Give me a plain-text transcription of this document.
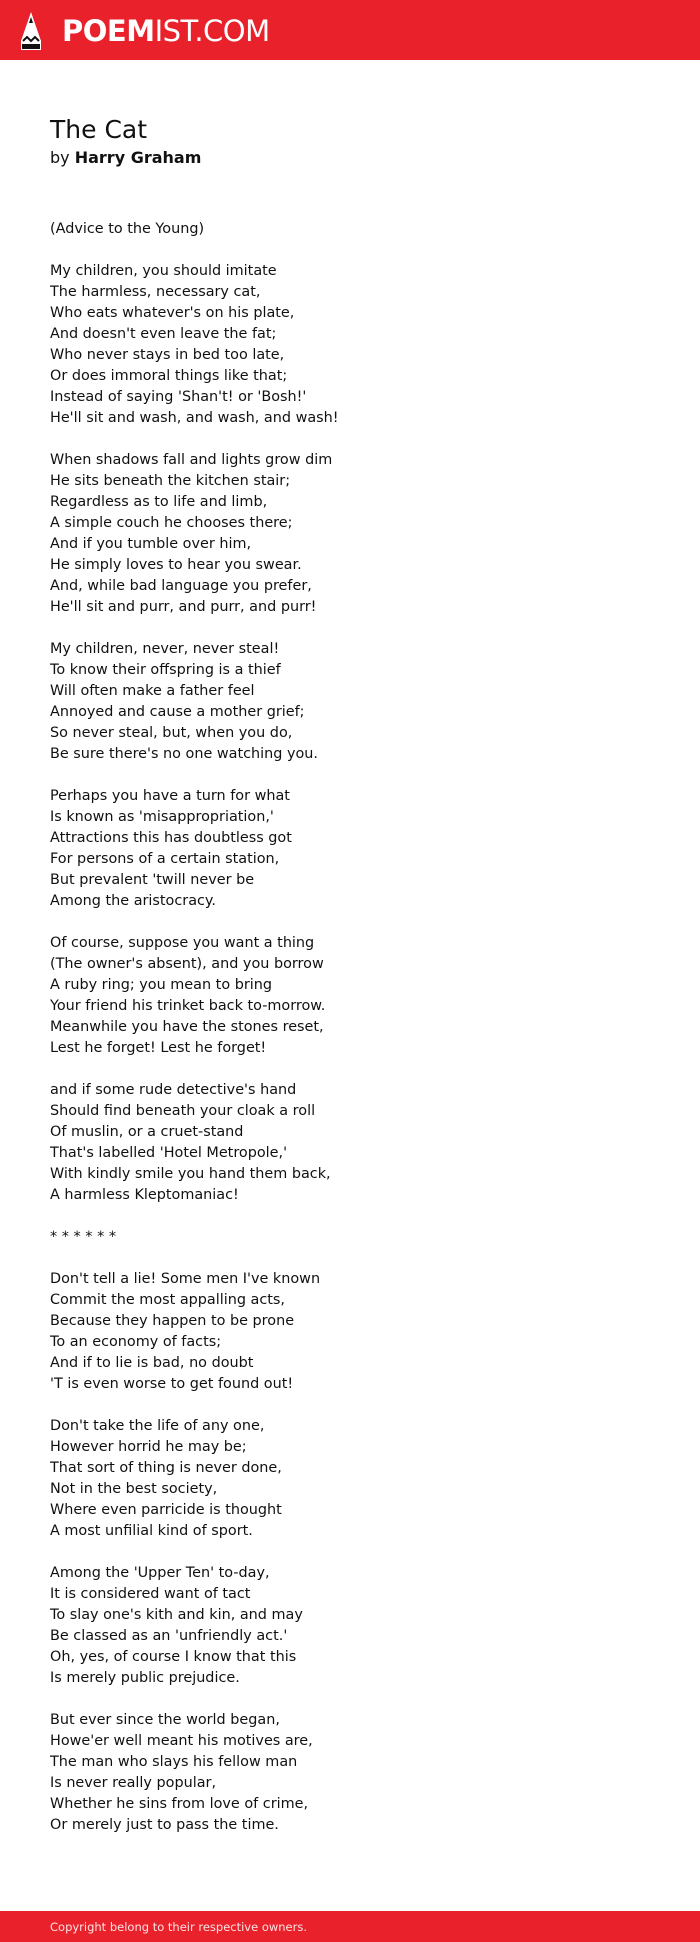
POEMIST.COM
The Cat
by Harry Graham
(Advice to the Young)
My children, you should imitate
The harmless, necessary cat,
Who eats whatever's on his plate,
And doesn't even leave the fat;
Who never stays in bed too late,
Or does immoral things like that;
Instead of saying 'Shan't! or 'Bosh!'
He'll sit and wash, and wash, and wash!
When shadows fall and lights grow dim
He sits beneath the kitchen stair;
Regardless as to life and limb,
A simple couch he chooses there;
And if you tumble over him,
He simply loves to hear you swear.
And, while bad language you prefer,
He'll sit and purr, and purr, and purr!
My children, never, never steal!
To know their offspring is a thief
Will often make a father feel
Annoyed and cause a mother grief;
So never steal, but, when you do,
Be sure there's no one watching you.
Perhaps you have a turn for what
Is known as 'misappropriation,'
Attractions this has doubtless got
For persons of a certain station,
But prevalent 'twill never be
Among the aristocracy.
Of course, suppose you want a thing
(The owner's absent), and you borrow
A ruby ring; you mean to bring
Your friend his trinket back to-morrow.
Meanwhile you have the stones reset,
Lest he forget! Lest he forget!
and if some rude detective's hand
Should find beneath your cloak a roll
Of muslin, or a cruet-stand
That's labelled 'Hotel Metropole,'
With kindly smile you hand them back,
A harmless Kleptomaniac!
* * * * * *
Don't tell a lie! Some men I've known
Commit the most appalling acts,
Because they happen to be prone
To an economy of facts;
And if to lie is bad, no doubt
'T is even worse to get found out!
Don't take the life of any one,
However horrid he may be;
That sort of thing is never done,
Not in the best society,
Where even parricide is thought
A most unfilial kind of sport.
Among the 'Upper Ten' to-day,
It is considered want of tact
To slay one's kith and kin, and may
Be classed as an 'unfriendly act.'
Oh, yes, of course I know that this
Is merely public prejudice.
But ever since the world began,
Howe'er well meant his motives are,
The man who slays his fellow man
Is never really popular,
Whether he sins from love of crime,
Or merely just to pass the time.
Copyright belong to their respective owners.
